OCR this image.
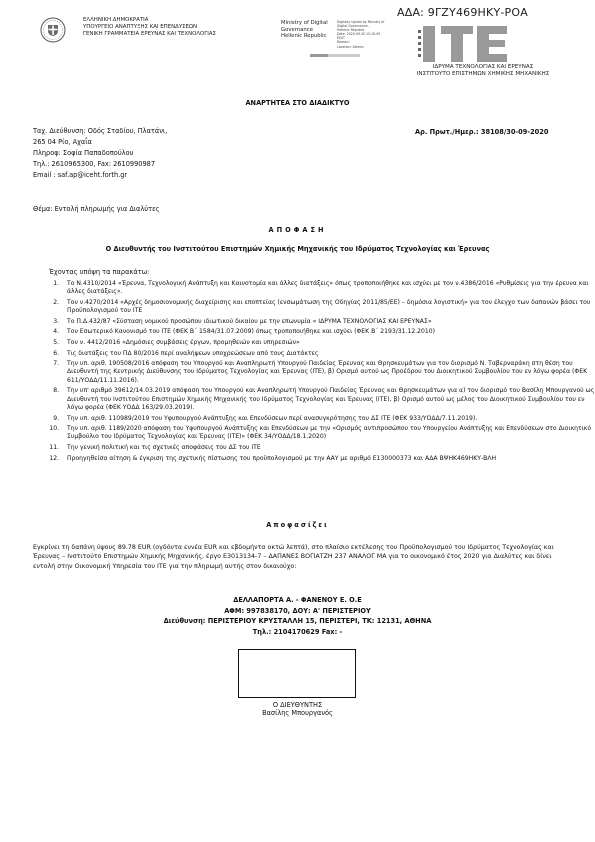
ΑΔΑ: 9ΓΖΥ469ΗΚΥ-ΡΟΑ
ΕΛΛΗΝΙΚΗ ΔΗΜΟΚΡΑΤΙΑ
ΥΠΟΥΡΓΕΙΟ ΑΝΑΠΤΥΞΗΣ ΚΑΙ ΕΠΕΝΔΥΣΕΩΝ
ΓΕΝΙΚΗ ΓΡΑΜΜΑΤΕΙΑ ΕΡΕΥΝΑΣ ΚΑΙ ΤΕΧΝΟΛΟΓΙΑΣ
Ministry of Digital
Governance
Hellenic Republic
Digitally signed by Ministry of
Digital Governance,
Hellenic Republic
Date: 2020.09.30 15:10:05
EEST
Reason:
Location: Athens
ITE
ΙΔΡΥΜΑ ΤΕΧΝΟΛΟΓΙΑΣ ΚΑΙ ΕΡΕΥΝΑΣ
ΙΝΣΤΙΤΟΥΤΟ ΕΠΙΣΤΗΜΩΝ ΧΗΜΙΚΗΣ ΜΗΧΑΝΙΚΗΣ
ΑΝΑΡΤΗΤΕΑ ΣΤΟ ΔΙΑΔΙΚΤΥΟ
Ταχ. Διεύθυνση: Οδός Σταδίου, Πλατάνι,
265 04 Ρίο, Αχαΐα
Πληροφ: Σοφία Παπαδοπούλου
Τηλ.: 2610965300, Fax: 2610990987
Email : saf.ap@iceht.forth.gr
Αρ. Πρωτ./Ημερ.: 38108/30-09-2020
Θέμα: Εντολή πληρωμής για Διαλύτες
ΑΠΟΦΑΣΗ
Ο Διευθυντής του Ινστιτούτου Επιστημών Χημικής Μηχανικής του Ιδρύματος Τεχνολογίας και Έρευνας
Έχοντας υπόψη τα παρακάτω:
1. Το Ν.4310/2014 «Έρευνα, Τεχνολογική Ανάπτυξη και Καινοτομία και άλλες διατάξεις» όπως τροποποιήθηκε και ισχύει με τον ν.4386/2016 «Ρυθμίσεις για την έρευνα και άλλες διατάξεις».
2. Τον ν.4270/2014 «Αρχές δημοσιονομικής διαχείρισης και εποπτείας (ενσωμάτωση της Οδηγίας 2011/85/ΕΕ) – δημόσια λογιστική» για τον έλεγχο των δαπανών βάσει του Προϋπολογισμού του ΙΤΕ
3. Το Π.Δ.432/87 «Σύσταση νομικού προσώπου ιδιωτικού δικαίου με την επωνυμία « ΙΔΡΥΜΑ ΤΕΧΝΟΛΟΓΙΑΣ ΚΑΙ ΕΡΕΥΝΑΣ»
4. Τον Εσωτερικό Κανονισμό του ΙΤΕ (ΦΕΚ Β΄ 1584/31.07.2009) όπως τροποποιήθηκε και ισχύει (ΦΕΚ Β΄ 2193/31.12.2010)
5. Τον ν. 4412/2016 «Δημόσιες συμβάσεις έργων, προμηθειών και υπηρεσιών»
6. Τις διατάξεις του ΠΔ 80/2016 περί αναλήψεων υποχρεώσεων από τους Διατάκτες
7. Την υπ. αριθ. 190508/2016 απόφαση του Υπουργού και Αναπληρωτή Υπουργού Παιδείας Έρευνας και Θρησκευμάτων για τον διορισμό Ν. Ταβερναράκη στη θέση του Διευθυντή της Κεντρικής Διεύθυνσης του Ιδρύματος Τεχνολογίας και Έρευνας (ΙΤΕ), β) Ορισμό αυτού ως Προέδρου του Διοικητικού Συμβουλίου του εν λόγω φορέα (ΦΕΚ 611/ΥΟΔΔ/11.11.2016).
8. Την υπ' αριθμό 39612/14.03.2019 απόφαση του Υπουργού και Αναπληρωτή Υπουργού Παιδείας Έρευνας και Θρησκευμάτων για α) τον διορισμό του Βασίλη Μπουργανού ως Διευθυντή του Ινστιτούτου Επιστημών Χημικής Μηχανικής του Ιδρύματος Τεχνολογίας και Έρευνας (ΙΤΕ), β) Ορισμό αυτού ως μέλος του Διοικητικού Συμβουλίου του εν λόγω φορέα (ΦΕΚ ΥΟΔΔ 163/29.03.2019).
9. Την υπ. αριθ. 110989/2019 του Υφυπουργού Ανάπτυξης και Επενδύσεων περί ανασυγκρότησης του ΔΣ ΙΤΕ (ΦΕΚ 933/ΥΟΔΔ/7.11.2019).
10. Την υπ. αριθ. 1189/2020 απόφαση του Υφυπουργού Ανάπτυξης και Επενδύσεων με την «Ορισμός αντιπροσώπου του Υπουργείου Ανάπτυξης και Επενδύσεων στο Διοικητικό Συμβούλιο του Ιδρύματος Τεχνολογίας και Έρευνας (ΙΤΕ)» (ΦΕΚ 34/ΥΟΔΔ/18.1.2020)
11. Την γενική πολιτική και τις σχετικές αποφάσεις του ΔΣ του ΙΤΕ
12. Προηγηθείσα αίτηση & έγκριση της σχετικής πίστωσης του προϋπολογισμού με την ΑΑΥ με αριθμό Ε130000373 και ΑΔΑ ΒΨΗΚ469ΗΚΥ-ΒΛΗ
Αποφασίζει
Εγκρίνει τη δαπάνη ύψους 89.78 EUR (ογδόντα εννέα EUR και εβδομήντα οκτώ λεπτά), στο πλαίσιο εκτέλεσης του Προϋπολογισμού του Ιδρύματος Τεχνολογίας και Έρευνας – Ινστιτούτο Επιστημών Χημικής Μηχανικής, έργο Ε3013134-7 – ΔΑΠΑΝΕΣ ΒΟΓΙΑΤΖΗ 237 ΑΝΑΛΟΓ ΜΑ για το οικονομικό έτος 2020 για Διαλύτες και δίνει εντολή στην Οικονομική Υπηρεσία του ΙΤΕ για την πληρωμή αυτής στον δικαιούχο:
ΔΕΛΛΑΠΟΡΤΑ Α. - ΦΑΝΕΝΟΥ Ε. Ο.Ε
ΑΦΜ: 997838170, ΔΟΥ: Α' ΠΕΡΙΣΤΕΡΙΟΥ
Διεύθυνση: ΠΕΡΙΣΤΕΡΙΟΥ ΚΡΥΣΤΑΛΛΗ 15, ΠΕΡΙΣΤΕΡΙ, ΤΚ: 12131, ΑΘΗΝΑ
Τηλ.: 2104170629 Fax: -
Ο ΔΙΕΥΘΥΝΤΗΣ
Βασίλης Μπουργανός
